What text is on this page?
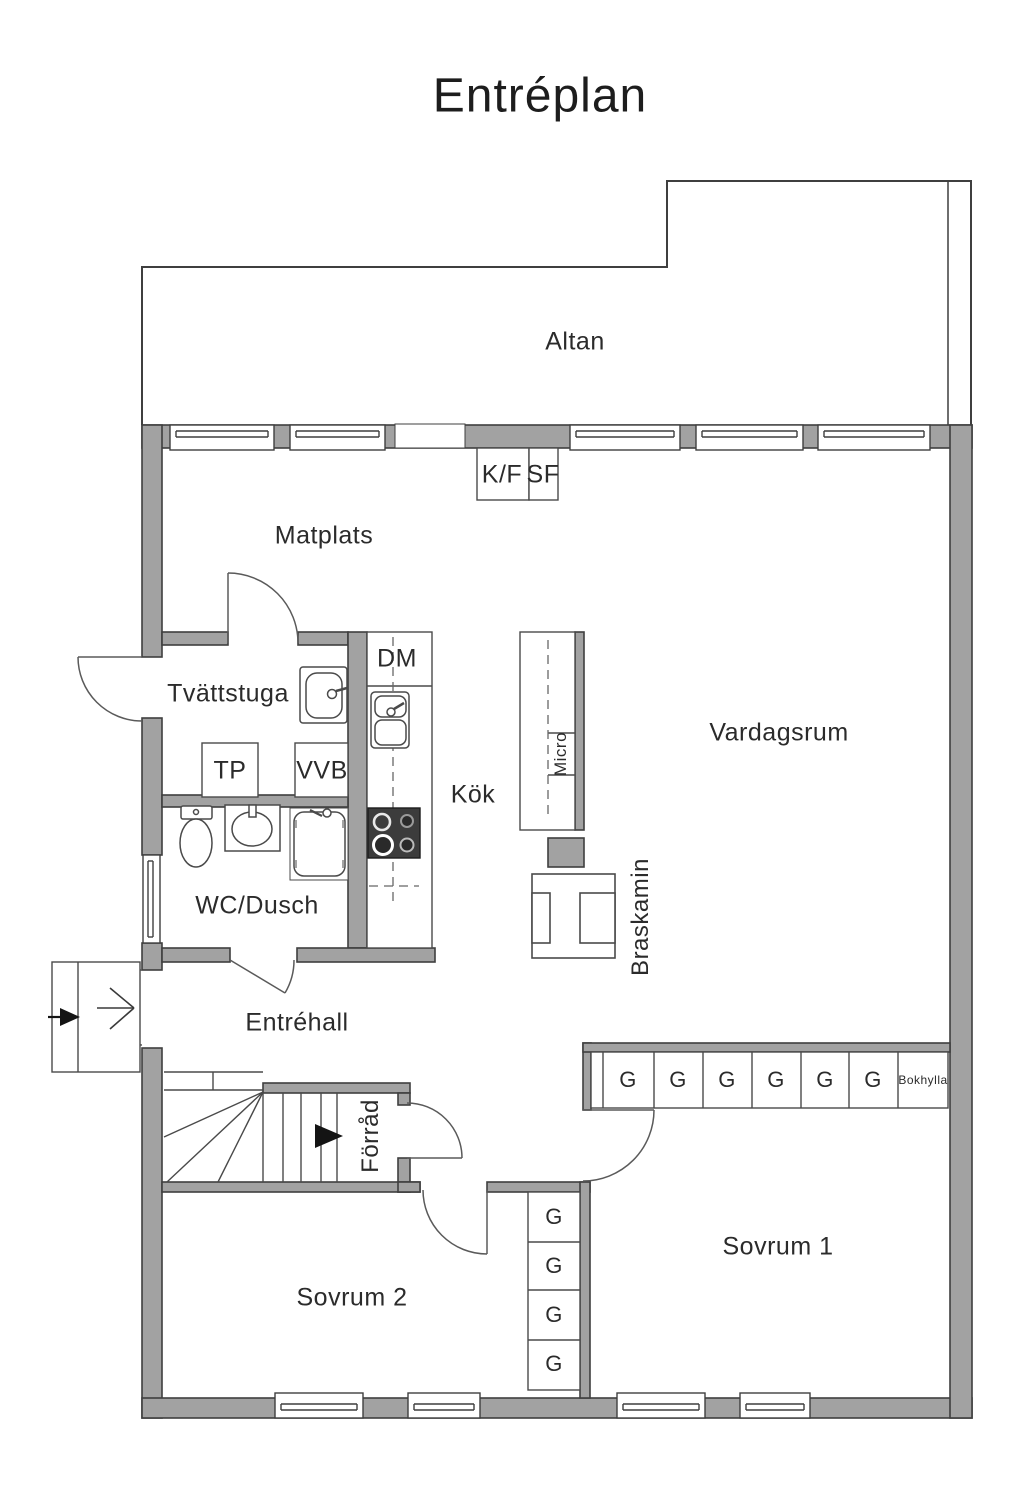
Entréplan
Altan
Matplats
K/F SF
Tvättstuga
DM
TP VVB
Kök
Micro	Vardagsrum
Braskamin
WC/Dusch
Entréhall
Förråd
G G G G G G Bokhylla
G
G
G
G
Sovrum 2
Sovrum 1
